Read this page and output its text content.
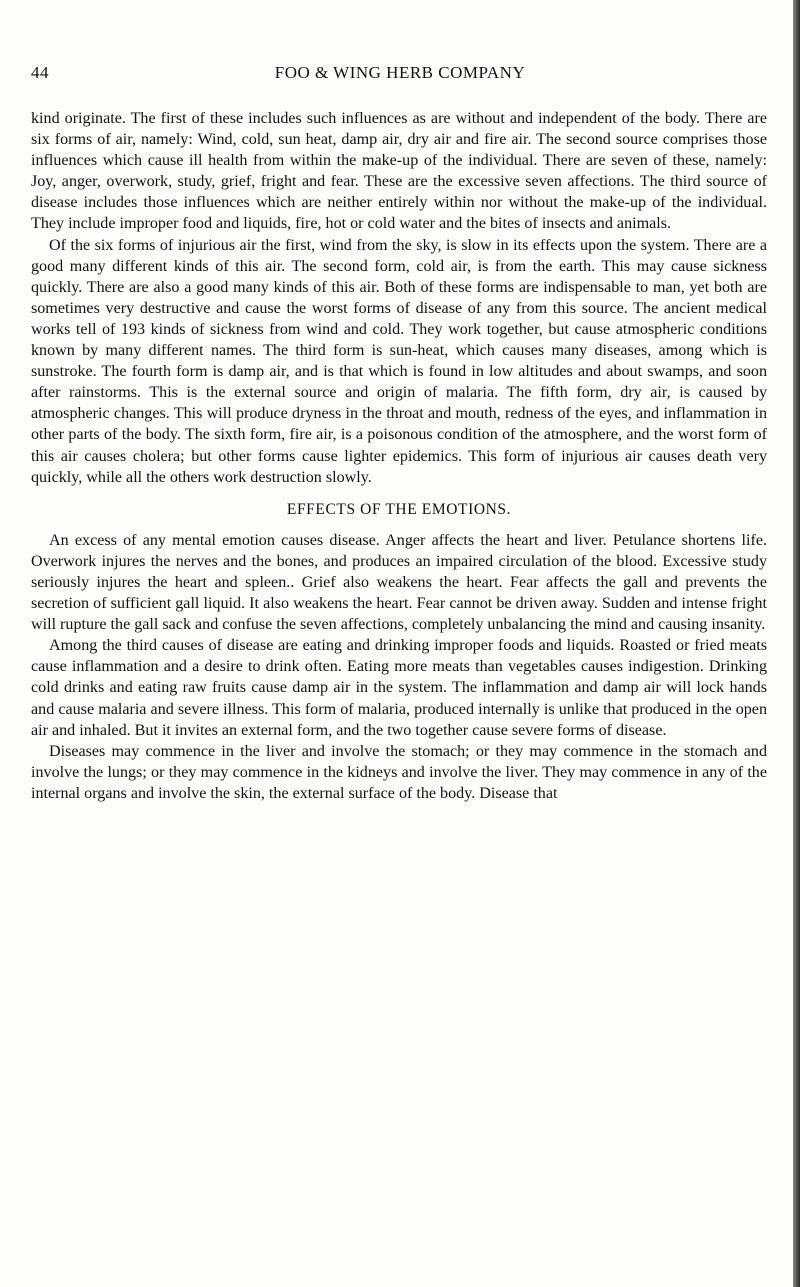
44	FOO & WING HERB COMPANY

kind originate. The first of these includes such influences as are without and independent of the body. There are six forms of air, namely: Wind, cold, sun heat, damp air, dry air and fire air. The second source comprises those influences which cause ill health from within the make-up of the individual. There are seven of these, namely: Joy, anger, overwork, study, grief, fright and fear. These are the excessive seven affections. The third source of disease includes those influences which are neither entirely within nor without the make-up of the individual. They include improper food and liquids, fire, hot or cold water and the bites of insects and animals.

Of the six forms of injurious air the first, wind from the sky, is slow in its effects upon the system. There are a good many different kinds of this air. The second form, cold air, is from the earth. This may cause sickness quickly. There are also a good many kinds of this air. Both of these forms are indispensable to man, yet both are sometimes very destructive and cause the worst forms of disease of any from this source. The ancient medical works tell of 193 kinds of sickness from wind and cold. They work together, but cause atmospheric conditions known by many different names. The third form is sun-heat, which causes many diseases, among which is sunstroke. The fourth form is damp air, and is that which is found in low altitudes and about swamps, and soon after rainstorms. This is the external source and origin of malaria. The fifth form, dry air, is caused by atmospheric changes. This will produce dryness in the throat and mouth, redness of the eyes, and inflammation in other parts of the body. The sixth form, fire air, is a poisonous condition of the atmosphere, and the worst form of this air causes cholera; but other forms cause lighter epidemics. This form of injurious air causes death very quickly, while all the others work destruction slowly.

EFFECTS OF THE EMOTIONS.

An excess of any mental emotion causes disease. Anger affects the heart and liver. Petulance shortens life. Overwork injures the nerves and the bones, and produces an impaired circulation of the blood. Excessive study seriously injures the heart and spleen.. Grief also weakens the heart. Fear affects the gall and prevents the secretion of sufficient gall liquid. It also weakens the heart. Fear cannot be driven away. Sudden and intense fright will rupture the gall sack and confuse the seven affections, completely unbalancing the mind and causing insanity.

Among the third causes of disease are eating and drinking improper foods and liquids. Roasted or fried meats cause inflammation and a desire to drink often. Eating more meats than vegetables causes indigestion. Drinking cold drinks and eating raw fruits cause damp air in the system. The inflammation and damp air will lock hands and cause malaria and severe illness. This form of malaria, produced internally is unlike that produced in the open air and inhaled. But it invites an external form, and the two together cause severe forms of disease.

Diseases may commence in the liver and involve the stomach; or they may commence in the stomach and involve the lungs; or they may commence in the kidneys and involve the liver. They may commence in any of the internal organs and involve the skin, the external surface of the body. Disease that
